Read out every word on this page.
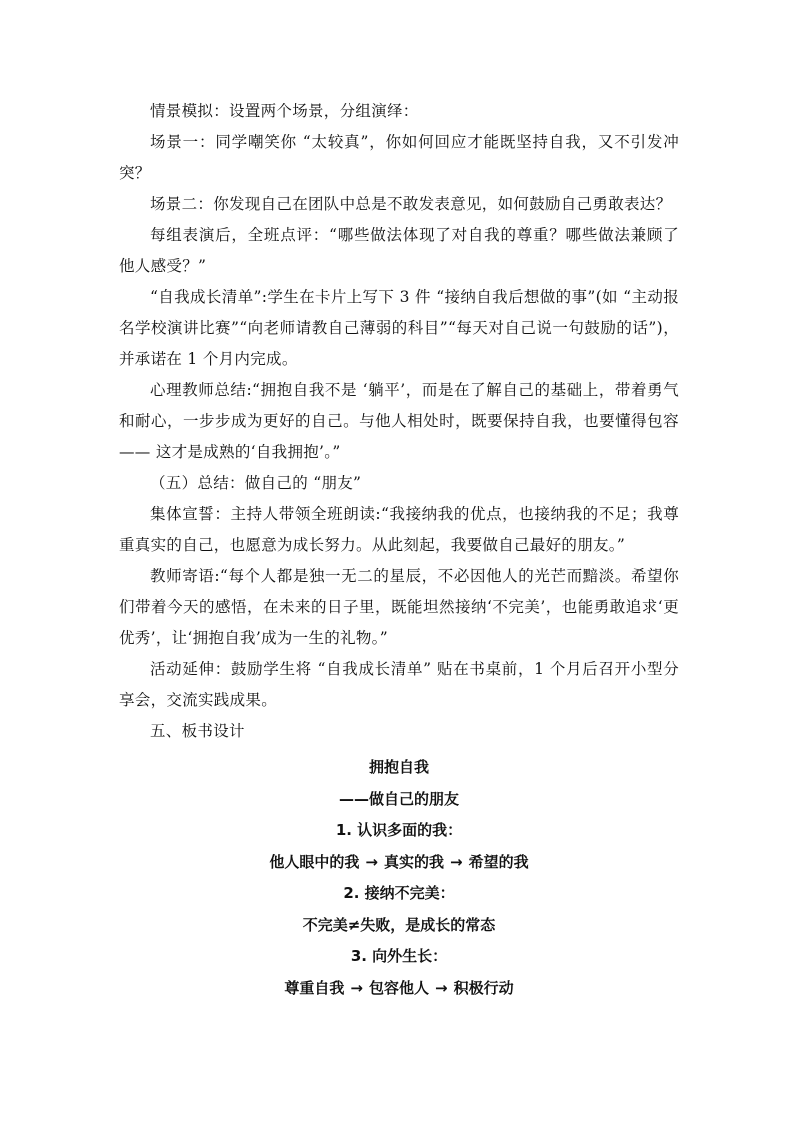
情景模拟：设置两个场景，分组演绎：

场景一：同学嘲笑你 “太较真”，你如何回应才能既坚持自我，又不引发冲突？

场景二：你发现自己在团队中总是不敢发表意见，如何鼓励自己勇敢表达？

每组表演后，全班点评：“哪些做法体现了对自我的尊重？哪些做法兼顾了他人感受？”

“自我成长清单”:学生在卡片上写下 3 件 “接纳自我后想做的事”(如 “主动报名学校演讲比赛”“向老师请教自己薄弱的科目”“每天对自己说一句鼓励的话”)，并承诺在 1 个月内完成。

心理教师总结:“拥抱自我不是 ‘躺平’，而是在了解自己的基础上，带着勇气和耐心，一步步成为更好的自己。与他人相处时，既要保持自我，也要懂得包容 —— 这才是成熟的‘自我拥抱’。”

（五）总结：做自己的 “朋友”

集体宣誓：主持人带领全班朗读:“我接纳我的优点，也接纳我的不足；我尊重真实的自己，也愿意为成长努力。从此刻起，我要做自己最好的朋友。”

教师寄语:“每个人都是独一无二的星辰，不必因他人的光芒而黯淡。希望你们带着今天的感悟，在未来的日子里，既能坦然接纳‘不完美’，也能勇敢追求‘更优秀’，让‘拥抱自我’成为一生的礼物。”

活动延伸：鼓励学生将 “自我成长清单” 贴在书桌前，1 个月后召开小型分享会，交流实践成果。

五、板书设计

拥抱自我

——做自己的朋友

1. 认识多面的我：

他人眼中的我 → 真实的我 → 希望的我

2. 接纳不完美：

不完美≠失败，是成长的常态

3. 向外生长：

尊重自我 → 包容他人 → 积极行动
